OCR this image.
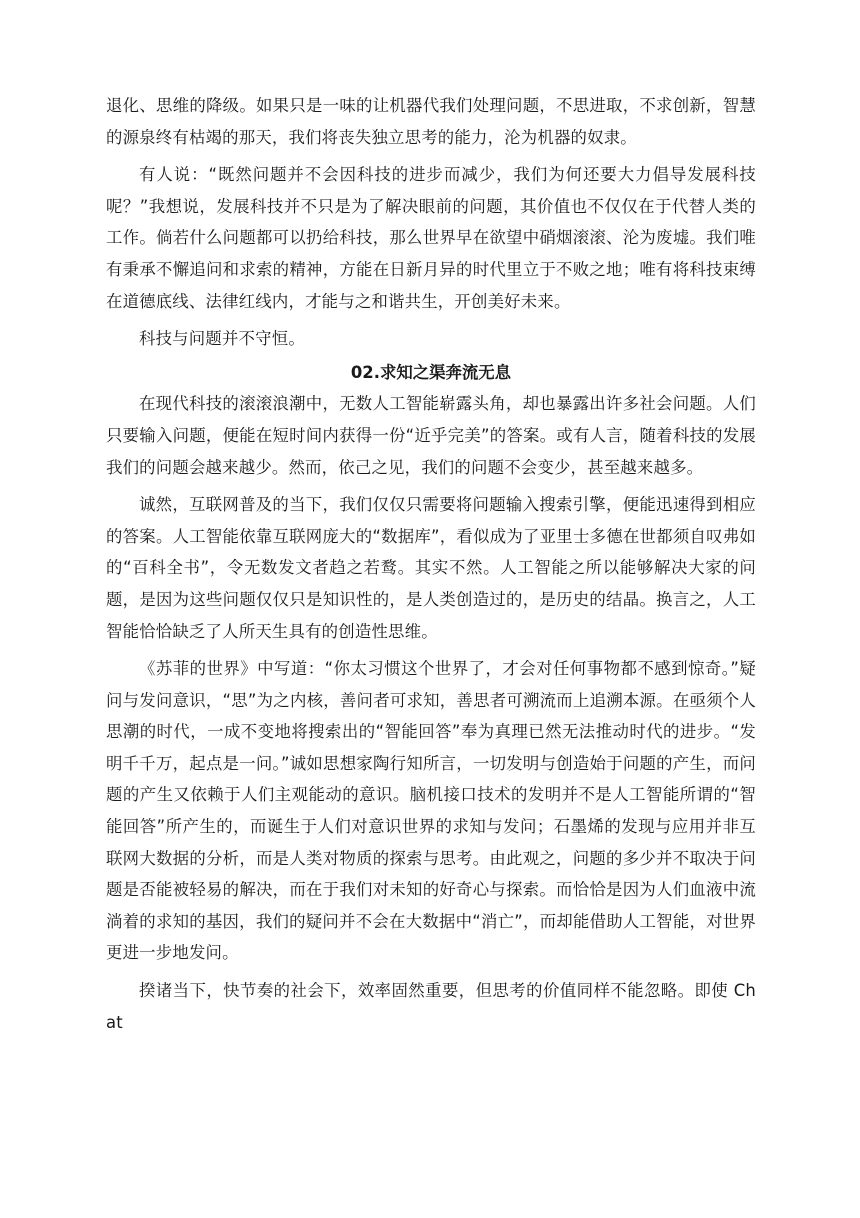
退化、思维的降级。如果只是一味的让机器代我们处理问题，不思进取，不求创新，智慧的源泉终有枯竭的那天，我们将丧失独立思考的能力，沦为机器的奴隶。

有人说：“既然问题并不会因科技的进步而减少，我们为何还要大力倡导发展科技呢？”我想说，发展科技并不只是为了解决眼前的问题，其价值也不仅仅在于代替人类的工作。倘若什么问题都可以扔给科技，那么世界早在欲望中硝烟滚滚、沦为废墟。我们唯有秉承不懈追问和求索的精神，方能在日新月异的时代里立于不败之地；唯有将科技束缚在道德底线、法律红线内，才能与之和谐共生，开创美好未来。

科技与问题并不守恒。

02.求知之渠奔流无息

在现代科技的滚滚浪潮中，无数人工智能崭露头角，却也暴露出许多社会问题。人们只要输入问题，便能在短时间内获得一份“近乎完美”的答案。或有人言，随着科技的发展我们的问题会越来越少。然而，依己之见，我们的问题不会变少，甚至越来越多。

诚然，互联网普及的当下，我们仅仅只需要将问题输入搜索引擎，便能迅速得到相应的答案。人工智能依靠互联网庞大的“数据库”，看似成为了亚里士多德在世都须自叹弗如的“百科全书”，令无数发文者趋之若鹜。其实不然。人工智能之所以能够解决大家的问题，是因为这些问题仅仅只是知识性的，是人类创造过的，是历史的结晶。换言之，人工智能恰恰缺乏了人所天生具有的创造性思维。

《苏菲的世界》中写道：“你太习惯这个世界了，才会对任何事物都不感到惊奇。”疑问与发问意识，“思”为之内核，善问者可求知，善思者可溯流而上追溯本源。在亟须个人思潮的时代，一成不变地将搜索出的“智能回答”奉为真理已然无法推动时代的进步。“发明千千万，起点是一问。”诚如思想家陶行知所言，一切发明与创造始于问题的产生，而问题的产生又依赖于人们主观能动的意识。脑机接口技术的发明并不是人工智能所谓的“智能回答”所产生的，而诞生于人们对意识世界的求知与发问；石墨烯的发现与应用并非互联网大数据的分析，而是人类对物质的探索与思考。由此观之，问题的多少并不取决于问题是否能被轻易的解决，而在于我们对未知的好奇心与探索。而恰恰是因为人们血液中流淌着的求知的基因，我们的疑问并不会在大数据中“消亡”，而却能借助人工智能，对世界更进一步地发问。

揆诸当下，快节奏的社会下，效率固然重要，但思考的价值同样不能忽略。即使 Chat
